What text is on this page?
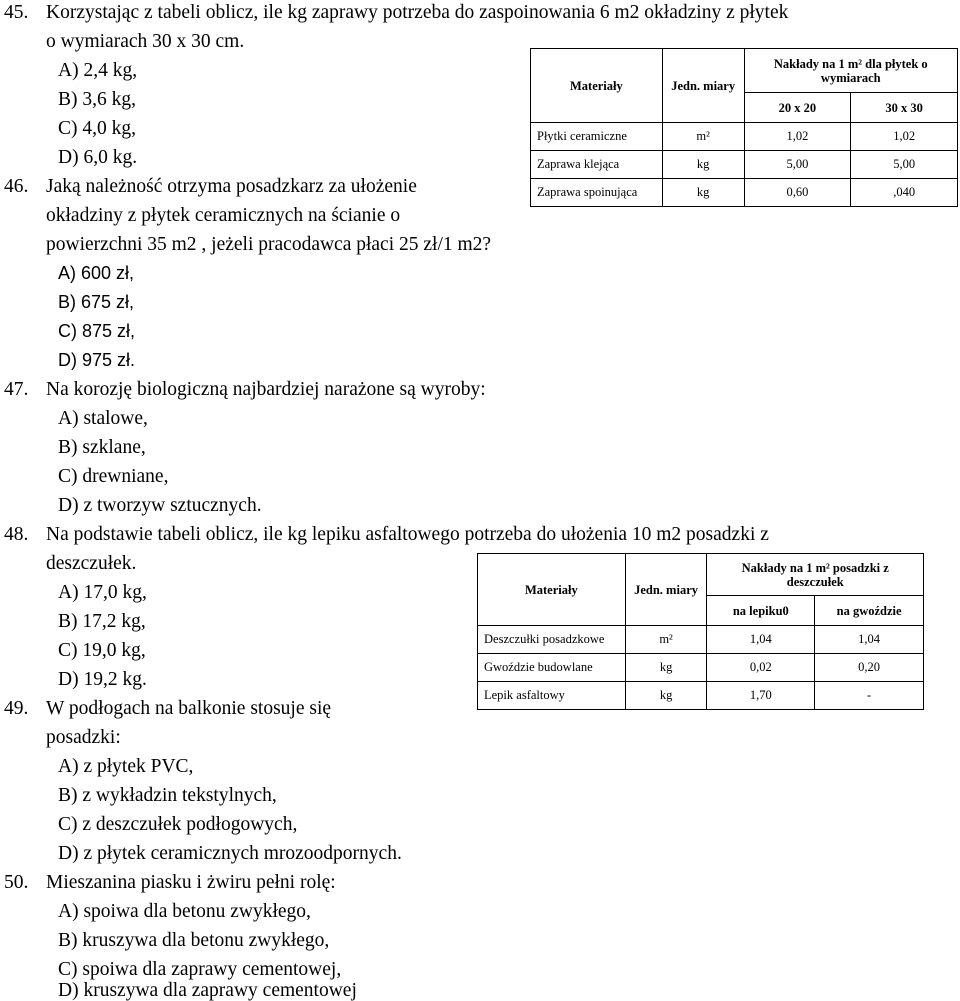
45. Korzystając z tabeli oblicz, ile kg zaprawy potrzeba do zaspoinowania 6 m2 okładziny z płytek
o wymiarach 30 x 30 cm.
A) 2,4 kg,
B) 3,6 kg,
C) 4,0 kg,
D) 6,0 kg.
46. Jaką należność otrzyma posadzkarz za ułożenie
okładziny z płytek ceramicznych na ścianie o
powierzchni 35 m2 , jeżeli pracodawca płaci 25 zł/1 m2?
A) 600 zł,
B) 675 zł,
C) 875 zł,
D) 975 zł.
47. Na korozję biologiczną najbardziej narażone są wyroby:
A) stalowe,
B) szklane,
C) drewniane,
D) z tworzyw sztucznych.
48. Na podstawie tabeli oblicz, ile kg lepiku asfaltowego potrzeba do ułożenia 10 m2 posadzki z
deszczułek.
A) 17,0 kg,
B) 17,2 kg,
C) 19,0 kg,
D) 19,2 kg.
49. W podłogach na balkonie stosuje się
posadzki:
A) z płytek PVC,
B) z wykładzin tekstylnych,
C) z deszczułek podłogowych,
D) z płytek ceramicznych mrozoodpornych.
50. Mieszanina piasku i żwiru pełni rolę:
A) spoiwa dla betonu zwykłego,
B) kruszywa dla betonu zwykłego,
C) spoiwa dla zaprawy cementowej,
D) kruszywa dla zaprawy cementowej
Materiały	Jedn. miary	Nakłady na 1 m² dla płytek o wymiarach	
		20 x 20	30 x 30
Płytki ceramiczne	m²	1,02	1,02
Zaprawa klejąca	kg	5,00	5,00
Zaprawa spoinująca	kg	0,60	,040
Materiały	Jedn. miary	Nakłady na 1 m² posadzki z deszczułek	
		na lepiku0	na gwoździe
Deszczułki posadzkowe	m²	1,04	1,04
Gwoździe budowlane	kg	0,02	0,20
Lepik asfaltowy	kg	1,70	-
